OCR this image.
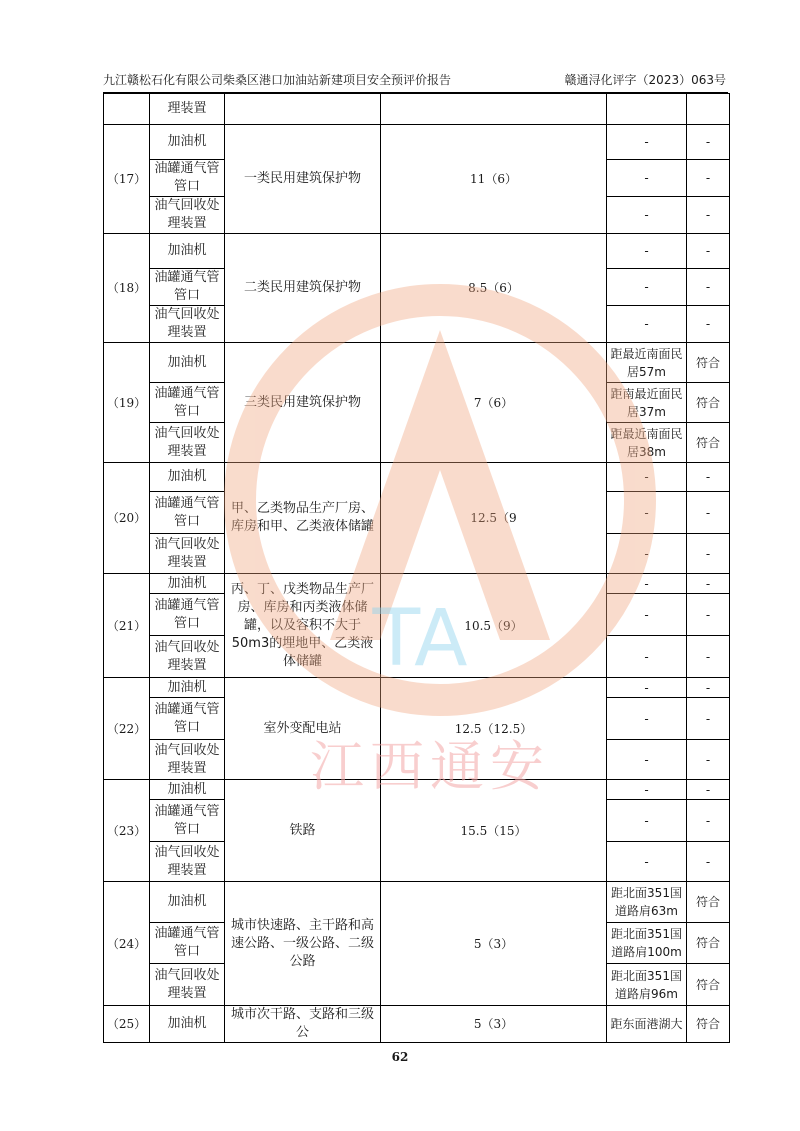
九江赣松石化有限公司柴桑区港口加油站新建项目安全预评价报告	赣通浔化评字（2023）063号
	理装置				
（17）	加油机	一类民用建筑保护物	11（6）	-	-
	油罐通气管管口			-	-
	油气回收处理装置			-	-
（18）	加油机	二类民用建筑保护物	8.5（6）	-	-
	油罐通气管管口			-	-
	油气回收处理装置			-	-
（19）	加油机	三类民用建筑保护物	7（6）	距最近南面民居57m	符合
	油罐通气管管口			距南最近面民居37m	符合
	油气回收处理装置			距最近南面民居38m	符合
（20）	加油机	甲、乙类物品生产厂房、库房和甲、乙类液体储罐	12.5（9	-	-
	油罐通气管管口			-	-
	油气回收处理装置			-	-
（21）	加油机	丙、丁、戊类物品生产厂房、库房和丙类液体储罐，以及容积不大于50m3的埋地甲、乙类液体储罐	10.5（9）	-	-
	油罐通气管管口			-	-
	油气回收处理装置			-	-
（22）	加油机	室外变配电站	12.5（12.5）	-	-
	油罐通气管管口			-	-
	油气回收处理装置			-	-
（23）	加油机	铁路	15.5（15）	-	-
	油罐通气管管口			-	-
	油气回收处理装置			-	-
（24）	加油机	城市快速路、主干路和高速公路、一级公路、二级公路	5（3）	距北面351国道路肩63m	符合
	油罐通气管管口			距北面351国道路肩100m	符合
	油气回收处理装置			距北面351国道路肩96m	符合
（25）	加油机	城市次干路、支路和三级公	5（3）	距东面港湖大	符合
TA
江西通安
62
